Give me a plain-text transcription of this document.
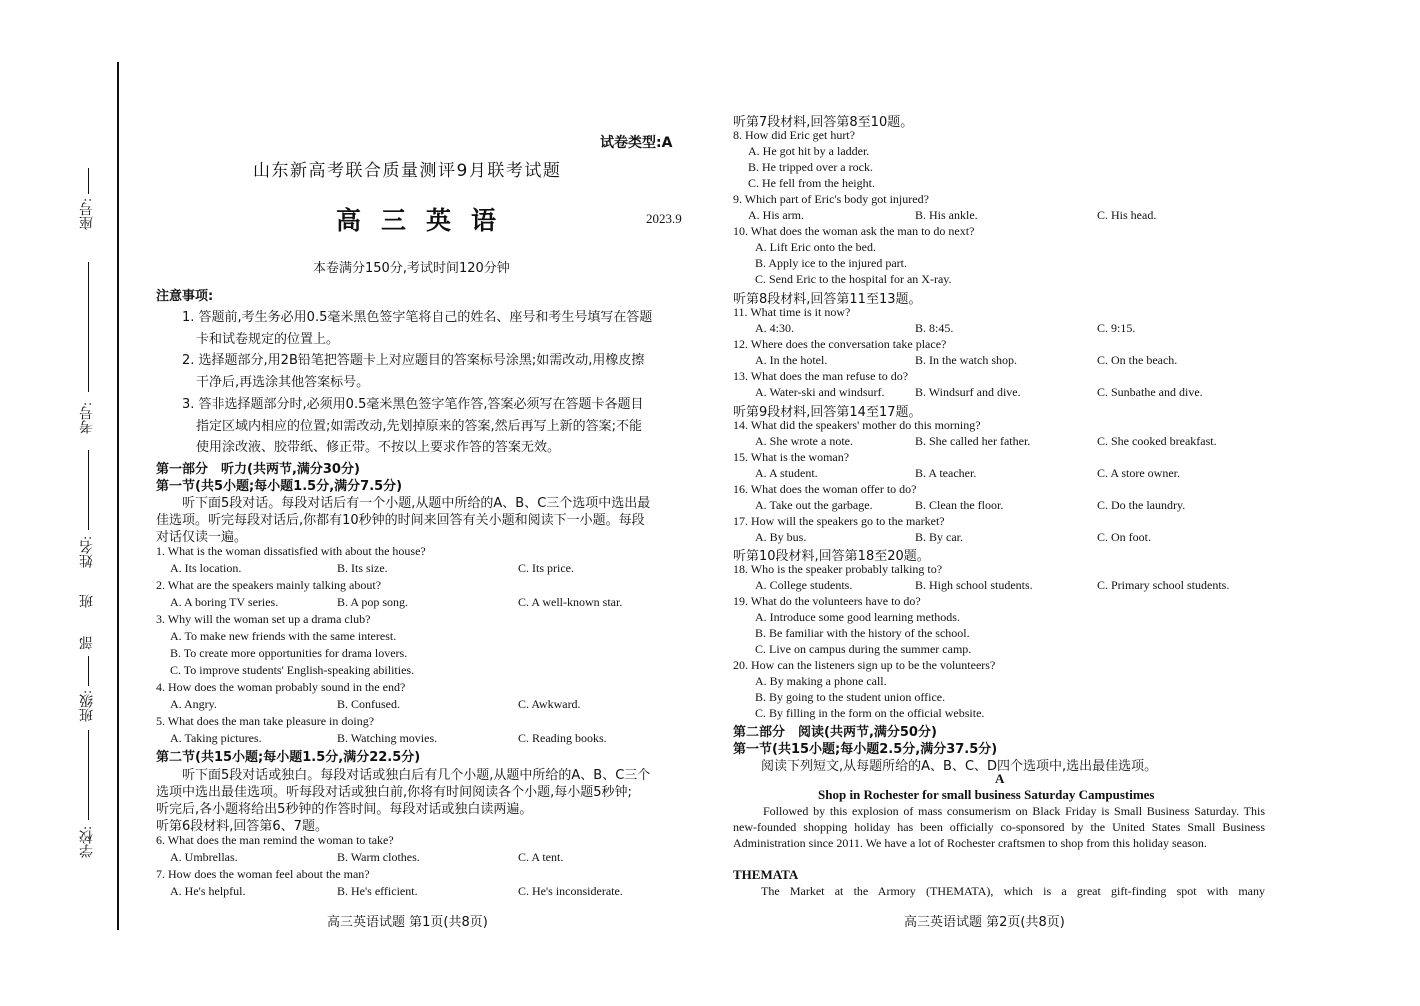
座号:
考号:
姓名:
班
部
班级:
学校:
试卷类型:A
山东新高考联合质量测评9月联考试题
高三英语	2023.9
本卷满分150分,考试时间120分钟
注意事项:
1. 答题前,考生务必用0.5毫米黑色签字笔将自己的姓名、座号和考生号填写在答题
卡和试卷规定的位置上。
2. 选择题部分,用2B铅笔把答题卡上对应题目的答案标号涂黑;如需改动,用橡皮擦
干净后,再选涂其他答案标号。
3. 答非选择题部分时,必须用0.5毫米黑色签字笔作答,答案必须写在答题卡各题目
指定区域内相应的位置;如需改动,先划掉原来的答案,然后再写上新的答案;不能
使用涂改液、胶带纸、修正带。不按以上要求作答的答案无效。
第一部分　听力(共两节,满分30分)
第一节(共5小题;每小题1.5分,满分7.5分)
听下面5段对话。每段对话后有一个小题,从题中所给的A、B、C三个选项中选出最
佳选项。听完每段对话后,你都有10秒钟的时间来回答有关小题和阅读下一小题。每段
对话仅读一遍。
1. What is the woman dissatisfied with about the house?
A. Its location.	B. Its size.	C. Its price.
2. What are the speakers mainly talking about?
A. A boring TV series.	B. A pop song.	C. A well-known star.
3. Why will the woman set up a drama club?
A. To make new friends with the same interest.
B. To create more opportunities for drama lovers.
C. To improve students' English-speaking abilities.
4. How does the woman probably sound in the end?
A. Angry.	B. Confused.	C. Awkward.
5. What does the man take pleasure in doing?
A. Taking pictures.	B. Watching movies.	C. Reading books.
第二节(共15小题;每小题1.5分,满分22.5分)
听下面5段对话或独白。每段对话或独白后有几个小题,从题中所给的A、B、C三个
选项中选出最佳选项。听每段对话或独白前,你将有时间阅读各个小题,每小题5秒钟;
听完后,各小题将给出5秒钟的作答时间。每段对话或独白读两遍。
听第6段材料,回答第6、7题。
6. What does the man remind the woman to take?
A. Umbrellas.	B. Warm clothes.	C. A tent.
7. How does the woman feel about the man?
A. He's helpful.	B. He's efficient.	C. He's inconsiderate.
听第7段材料,回答第8至10题。
8. How did Eric get hurt?
A. He got hit by a ladder.
B. He tripped over a rock.
C. He fell from the height.
9. Which part of Eric's body got injured?
A. His arm.	B. His ankle.	C. His head.
10. What does the woman ask the man to do next?
A. Lift Eric onto the bed.
B. Apply ice to the injured part.
C. Send Eric to the hospital for an X-ray.
听第8段材料,回答第11至13题。
11. What time is it now?
A. 4:30.	B. 8:45.	C. 9:15.
12. Where does the conversation take place?
A. In the hotel.	B. In the watch shop.	C. On the beach.
13. What does the man refuse to do?
A. Water-ski and windsurf.	B. Windsurf and dive.	C. Sunbathe and dive.
听第9段材料,回答第14至17题。
14. What did the speakers' mother do this morning?
A. She wrote a note.	B. She called her father.	C. She cooked breakfast.
15. What is the woman?
A. A student.	B. A teacher.	C. A store owner.
16. What does the woman offer to do?
A. Take out the garbage.	B. Clean the floor.	C. Do the laundry.
17. How will the speakers go to the market?
A. By bus.	B. By car.	C. On foot.
听第10段材料,回答第18至20题。
18. Who is the speaker probably talking to?
A. College students.	B. High school students.	C. Primary school students.
19. What do the volunteers have to do?
A. Introduce some good learning methods.
B. Be familiar with the history of the school.
C. Live on campus during the summer camp.
20. How can the listeners sign up to be the volunteers?
A. By making a phone call.
B. By going to the student union office.
C. By filling in the form on the official website.
第二部分　阅读(共两节,满分50分)
第一节(共15小题;每小题2.5分,满分37.5分)
阅读下列短文,从每题所给的A、B、C、D四个选项中,选出最佳选项。
A
Shop in Rochester for small business Saturday Campustimes
Followed by this explosion of mass consumerism on Black Friday is Small Business Saturday. This new-founded shopping holiday has been officially co-sponsored by the United States Small Business Administration since 2011. We have a lot of Rochester craftsmen to shop from this holiday season.
THEMATA
The Market at the Armory (THEMATA), which is a great gift-finding spot with many
高三英语试题 第1页(共8页)	高三英语试题 第2页(共8页)
